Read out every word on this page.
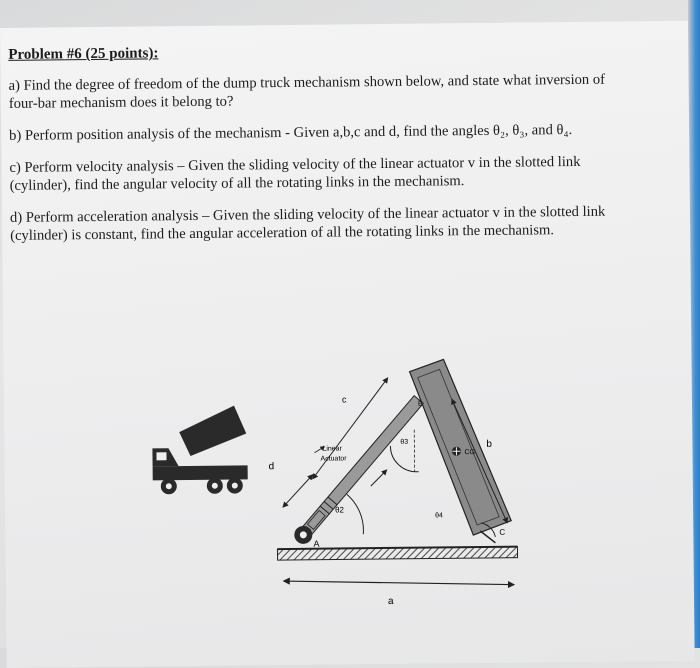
Problem #6 (25 points):
a) Find the degree of freedom of the dump truck mechanism shown below, and state what inversion of four-bar mechanism does it belong to?
b) Perform position analysis of the mechanism - Given a,b,c and d, find the angles θ₂, θ₃, and θ₄.
c) Perform velocity analysis – Given the sliding velocity of the linear actuator v in the slotted link (cylinder), find the angular velocity of all the rotating links in the mechanism.
d) Perform acceleration analysis – Given the sliding velocity of the linear actuator v in the slotted link (cylinder) is constant, find the angular acceleration of all the rotating links in the mechanism.
a
A
c
d
b
B
C
Linear
Actuator
θ2
θ3
θ4
CG
